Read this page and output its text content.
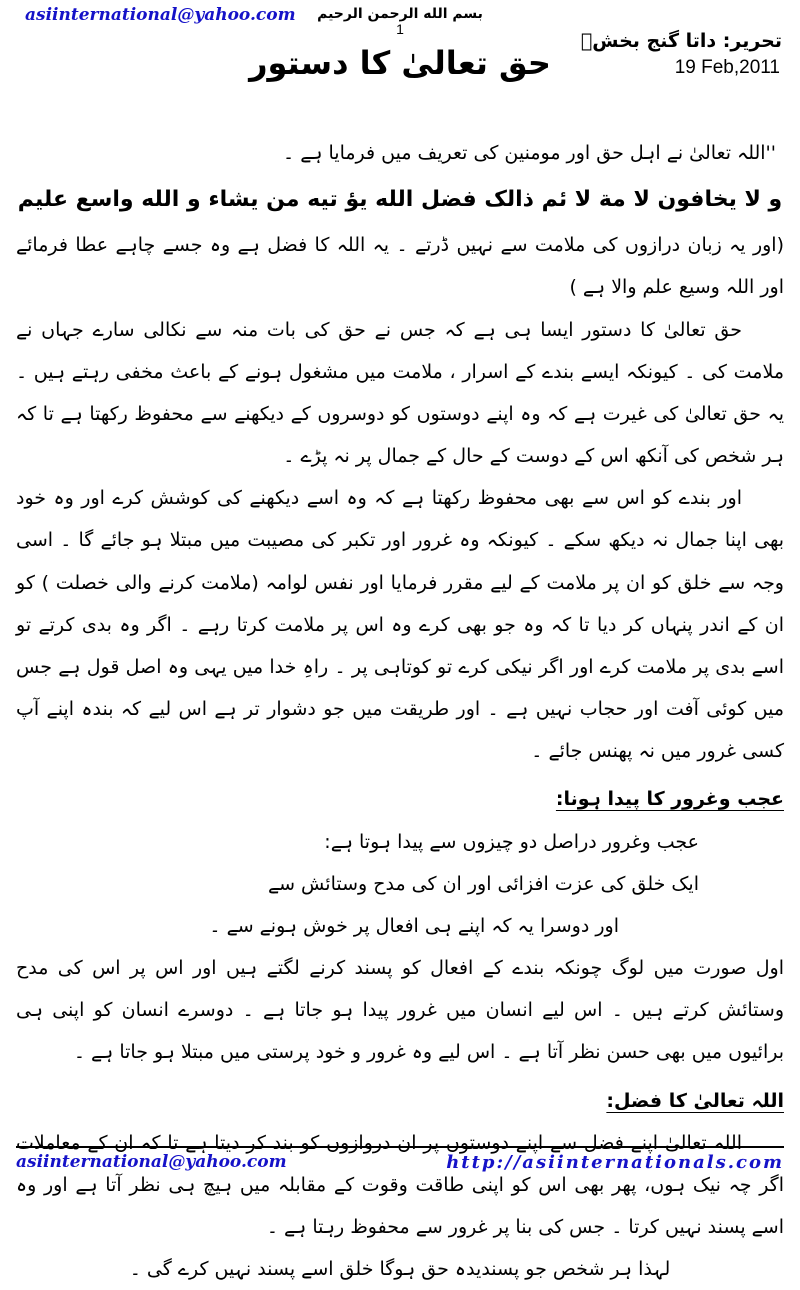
asiinternational@yahoo.com	بسم الله الرحمن الرحيم
1
تحریر: داتا گنج بخشؒ
19 Feb,2011
حق تعالیٰ کا دستور
''اللہ تعالیٰ نے اہل حق اور مومنین کی تعریف میں فرمایا ہے ۔
و لا یخافون لا مة لا ئم ذالک فضل الله یؤ تیه من یشاء و الله واسع علیم
(اور یہ زبان درازوں کی ملامت سے نہیں ڈرتے ۔ یہ اللہ کا فضل ہے وہ جسے چاہے عطا فرمائے اور اللہ وسیع علم والا ہے )
حق تعالیٰ کا دستور ایسا ہی ہے کہ جس نے حق کی بات منہ سے نکالی سارے جہاں نے ملامت کی ۔ کیونکہ ایسے بندے کے اسرار ، ملامت میں مشغول ہونے کے باعث مخفی رہتے ہیں ۔ یہ حق تعالیٰ کی غیرت ہے کہ وہ اپنے دوستوں کو دوسروں کے دیکھنے سے محفوظ رکھتا ہے تا کہ ہر شخص کی آنکھ اس کے دوست کے حال کے جمال پر نہ پڑے ۔
اور بندے کو اس سے بھی محفوظ رکھتا ہے کہ وہ اسے دیکھنے کی کوشش کرے اور وہ خود بھی اپنا جمال نہ دیکھ سکے ۔ کیونکہ وہ غرور اور تکبر کی مصیبت میں مبتلا ہو جائے گا ۔ اسی وجہ سے خلق کو ان پر ملامت کے لیے مقرر فرمایا اور نفس لوامہ (ملامت کرنے والی خصلت ) کو ان کے اندر پنہاں کر دیا تا کہ وہ جو بھی کرے وہ اس پر ملامت کرتا رہے ۔ اگر وہ بدی کرتے تو اسے بدی پر ملامت کرے اور اگر نیکی کرے تو کوتاہی پر ۔ راہِ خدا میں یہی وہ اصل قول ہے جس میں کوئی آفت اور حجاب نہیں ہے ۔ اور طریقت میں جو دشوار تر ہے اس لیے کہ بندہ اپنے آپ کسی غرور میں نہ پھنس جائے ۔
عجب وغرور کا پیدا ہونا:
عجب وغرور دراصل دو چیزوں سے پیدا ہوتا ہے:
ایک خلق کی عزت افزائی اور ان کی مدح وستائش سے
اور دوسرا یہ کہ اپنے ہی افعال پر خوش ہونے سے ۔
اول صورت میں لوگ چونکہ بندے کے افعال کو پسند کرنے لگتے ہیں اور اس پر اس کی مدح وستائش کرتے ہیں ۔ اس لیے انسان میں غرور پیدا ہو جاتا ہے ۔ دوسرے انسان کو اپنی ہی برائیوں میں بھی حسن نظر آتا ہے ۔ اس لیے وہ غرور و خود پرستی میں مبتلا ہو جاتا ہے ۔
اللہ تعالیٰ کا فضل:
اللہ تعالیٰ اپنے فضل سے اپنے دوستوں پر ان دروازوں کو بند کر دیتا ہے تا کہ ان کے معاملات اگر چہ نیک ہوں، پھر بھی اس کو اپنی طاقت وقوت کے مقابلہ میں ہیچ ہی نظر آتا ہے اور وہ اسے پسند نہیں کرتا ۔ جس کی بنا پر غرور سے محفوظ رہتا ہے ۔
لہذا ہر شخص جو پسندیدہ حق ہوگا خلق اسے پسند نہیں کرے گی ۔
asiinternational@yahoo.com	http://asiinternationals.com
